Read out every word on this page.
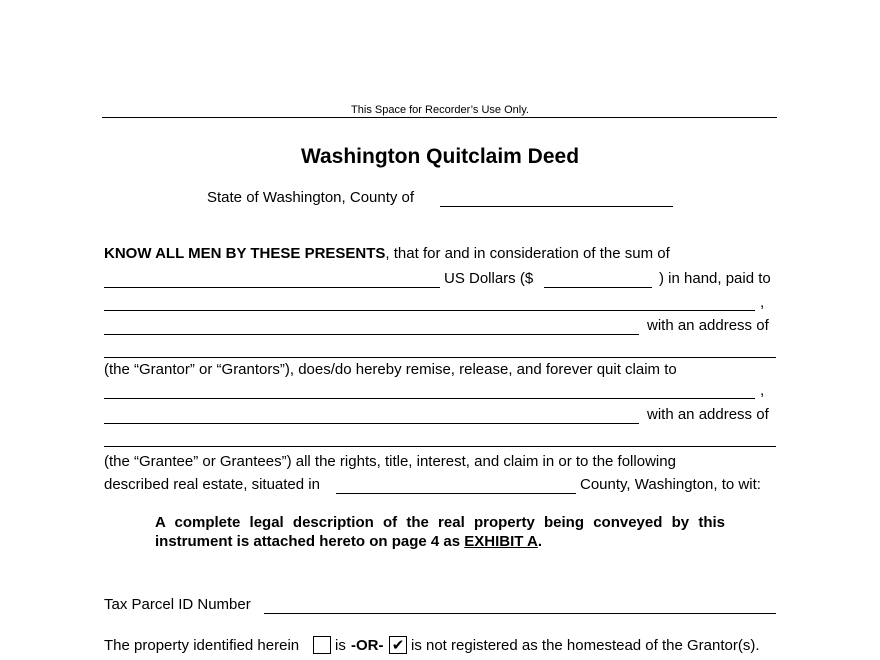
This Space for Recorder’s Use Only.
Washington Quitclaim Deed
State of Washington, County of
KNOW ALL MEN BY THESE PRESENTS, that for and in consideration of the sum of
US Dollars ($	) in hand, paid to
,
with an address of
(the “Grantor” or “Grantors”), does/do hereby remise, release, and forever quit claim to
,
with an address of
(the “Grantee” or Grantees”) all the rights, title, interest, and claim in or to the following
described real estate, situated in	County, Washington, to wit:
A complete legal description of the real property being conveyed by this instrument is attached hereto on page 4 as EXHIBIT A.
Tax Parcel ID Number
The property identified herein is -OR- ✔ is not registered as the homestead of the Grantor(s).
